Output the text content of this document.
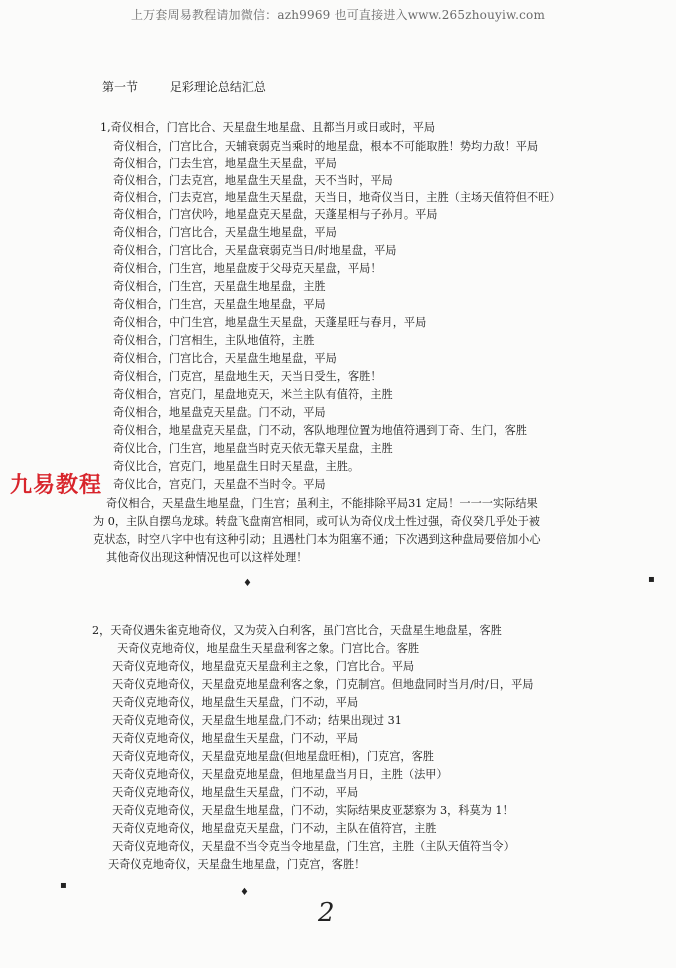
上万套周易教程请加微信：azh9969 也可直接进入www.265zhouyiw.com
第一节	足彩理论总结汇总
1,奇仪相合，门宫比合、天星盘生地星盘、且都当月或日或时，平局
奇仪相合，门宫比合，天辅衰弱克当乘时的地星盘，根本不可能取胜！势均力敌！平局
奇仪相合，门去生宫，地星盘生天星盘，平局
奇仪相合，门去克宫，地星盘生天星盘，天不当时，平局
奇仪相合，门去克宫，地星盘生天星盘，天当日，地奇仪当日，主胜（主场天值符但不旺）
奇仪相合，门宫伏吟，地星盘克天星盘，天蓬星相与子孙月。平局
奇仪相合，门宫比合，天星盘生地星盘，平局
奇仪相合，门宫比合，天星盘衰弱克当日/时地星盘，平局
奇仪相合，门生宫，地星盘废于父母克天星盘，平局！
奇仪相合，门生宫，天星盘生地星盘，主胜
奇仪相合，门生宫，天星盘生地星盘，平局
奇仪相合，中门生宫，地星盘生天星盘，天蓬星旺与春月，平局
奇仪相合，门宫相生，主队地值符，主胜
奇仪相合，门宫比合，天星盘生地星盘，平局
奇仪相合，门克宫，星盘地生天，天当日受生，客胜！
奇仪相合，宫克门，星盘地克天，米兰主队有值符，主胜
奇仪相合，地星盘克天星盘。门不动，平局
奇仪相合，地星盘克天星盘，门不动，客队地理位置为地值符遇到丁奇、生门，客胜
奇仪比合，门生宫，地星盘当时克天依无靠天星盘，主胜
奇仪比合，宫克门，地星盘生日时天星盘，主胜。
奇仪比合，宫克门，天星盘不当时令。平局
奇仪相合，天星盘生地星盘，门生宫；虽利主，不能排除平局31 定局！一一一实际结果
为 0，主队自摆乌龙球。转盘飞盘南宫相同，或可认为奇仪戊土性过强，奇仪癸几乎处于被
克状态，时空八字中也有这种引动；且遇杜门本为阻塞不通；下次遇到这种盘局要倍加小心
其他奇仪出现这种情况也可以这样处理！
九易教程
♦	▪
♦
▪
2，天奇仪遇朱雀克地奇仪，又为荧入白利客，虽门宫比合，天盘星生地盘星，客胜
天奇仪克地奇仪，地星盘生天星盘利客之象。门宫比合。客胜
天奇仪克地奇仪，地星盘克天星盘利主之象，门宫比合。平局
天奇仪克地奇仪，天星盘克地星盘利客之象，门克制宫。但地盘同时当月/时/日，平局
天奇仪克地奇仪，地星盘生天星盘，门不动，平局
天奇仪克地奇仪，天星盘生地星盘,门不动；结果出现过 31
天奇仪克地奇仪，地星盘生天星盘，门不动，平局
天奇仪克地奇仪，天星盘克地星盘(但地星盘旺相)，门克宫，客胜
天奇仪克地奇仪，天星盘克地星盘，但地星盘当月日，主胜（法甲）
天奇仪克地奇仪，地星盘生天星盘，门不动，平局
天奇仪克地奇仪，天星盘生地星盘，门不动，实际结果皮亚瑟察为 3，科莫为 1！
天奇仪克地奇仪，地星盘克天星盘，门不动，主队在值符宫，主胜
天奇仪克地奇仪，天星盘不当令克当令地星盘，门生宫，主胜（主队天值符当令）
天奇仪克地奇仪，天星盘生地星盘，门克宫，客胜！
2
